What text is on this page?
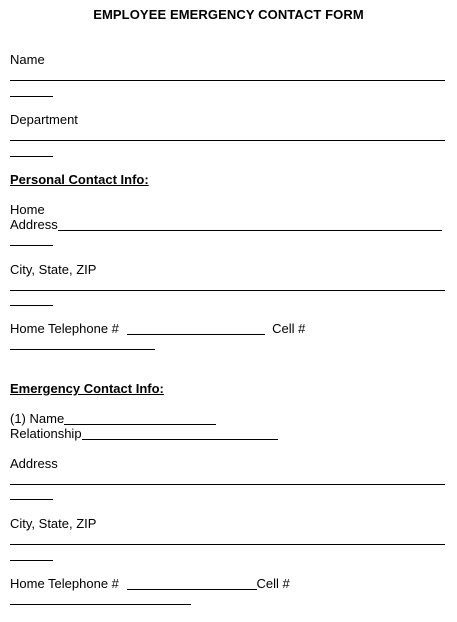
EMPLOYEE EMERGENCY CONTACT FORM
Name
Department
Personal Contact Info:
Home
Address
City, State, ZIP
Home Telephone #	Cell #
Emergency Contact Info:
(1) Name
Relationship
Address
City, State, ZIP
Home Telephone #	Cell #
